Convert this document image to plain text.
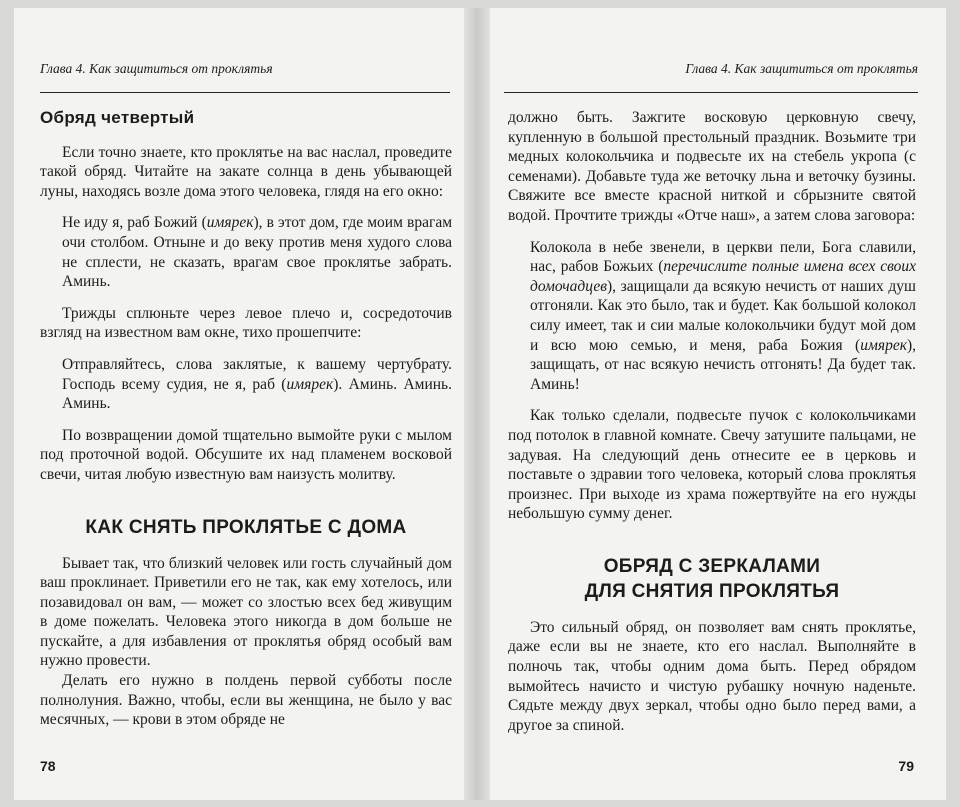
Глава 4. Как защититься от проклятья
Обряд четвертый

Если точно знаете, кто проклятье на вас наслал, проведите такой обряд. Читайте на закате солнца в день убывающей луны, находясь возле дома этого человека, глядя на его окно:

Не иду я, раб Божий (имярек), в этот дом, где моим врагам очи столбом. Отныне и до веку против меня худого слова не сплести, не сказать, врагам свое проклятье забрать. Аминь.

Трижды сплюньте через левое плечо и, сосредоточив взгляд на известном вам окне, тихо прошепчите:

Отправляйтесь, слова заклятые, к вашему чертубрату. Господь всему судия, не я, раб (имярек). Аминь. Аминь. Аминь.

По возвращении домой тщательно вымойте руки с мылом под проточной водой. Обсушите их над пламенем восковой свечи, читая любую известную вам наизусть молитву.

КАК СНЯТЬ ПРОКЛЯТЬЕ С ДОМА

Бывает так, что близкий человек или гость случайный дом ваш проклинает. Приветили его не так, как ему хотелось, или позавидовал он вам, — может со злостью всех бед живущим в доме пожелать. Человека этого никогда в дом больше не пускайте, а для избавления от проклятья обряд особый вам нужно провести.

Делать его нужно в полдень первой субботы после полнолуния. Важно, чтобы, если вы женщина, не было у вас месячных, — крови в этом обряде не

78
Глава 4. Как защититься от проклятья

должно быть. Зажгите восковую церковную свечу, купленную в большой престольный праздник. Возьмите три медных колокольчика и подвесьте их на стебель укропа (с семенами). Добавьте туда же веточку льна и веточку бузины. Свяжите все вместе красной ниткой и сбрызните святой водой. Прочтите трижды «Отче наш», а затем слова заговора:

Колокола в небе звенели, в церкви пели, Бога славили, нас, рабов Божьих (перечислите полные имена всех своих домочадцев), защищали да всякую нечисть от наших душ отгоняли. Как это было, так и будет. Как большой колокол силу имеет, так и сии малые колокольчики будут мой дом и всю мою семью, и меня, раба Божия (имярек), защищать, от нас всякую нечисть отгонять! Да будет так. Аминь!

Как только сделали, подвесьте пучок с колокольчиками под потолок в главной комнате. Свечу затушите пальцами, не задувая. На следующий день отнесите ее в церковь и поставьте о здравии того человека, который слова проклятья произнес. При выходе из храма пожертвуйте на его нужды небольшую сумму денег.

ОБРЯД С ЗЕРКАЛАМИ
ДЛЯ СНЯТИЯ ПРОКЛЯТЬЯ

Это сильный обряд, он позволяет вам снять проклятье, даже если вы не знаете, кто его наслал. Выполняйте в полночь так, чтобы одним дома быть. Перед обрядом вымойтесь начисто и чистую рубашку ночную наденьте. Сядьте между двух зеркал, чтобы одно было перед вами, а другое за спиной.

79
